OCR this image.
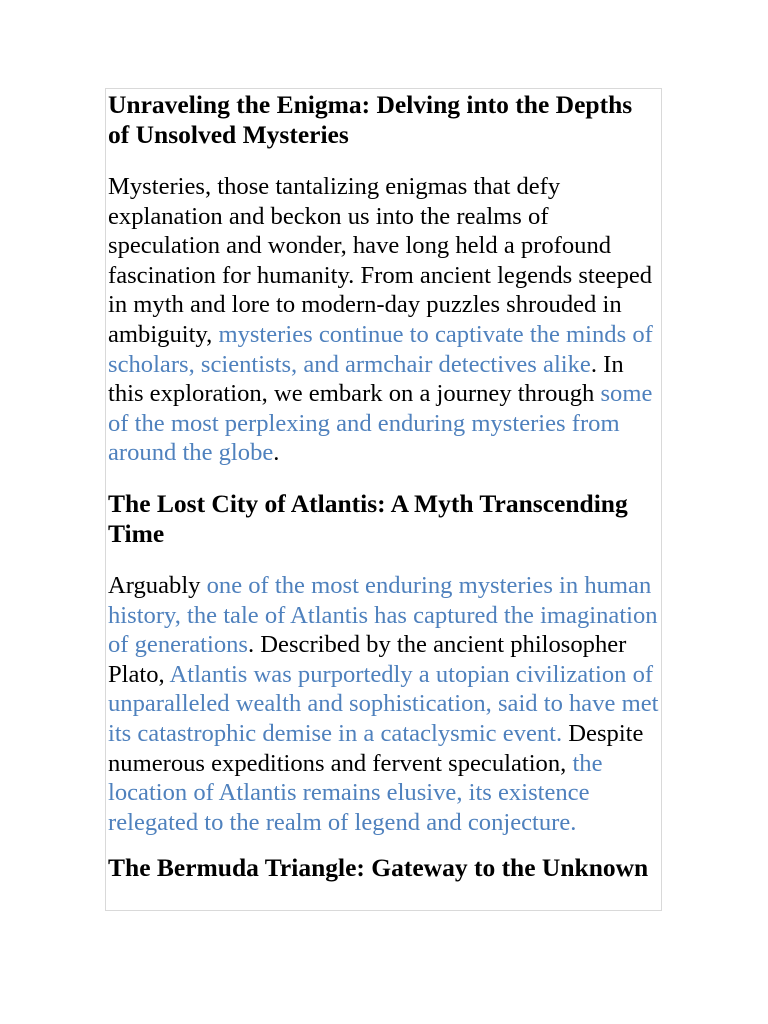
Unraveling the Enigma: Delving into the Depths of Unsolved Mysteries

Mysteries, those tantalizing enigmas that defy explanation and beckon us into the realms of speculation and wonder, have long held a profound fascination for humanity. From ancient legends steeped in myth and lore to modern-day puzzles shrouded in ambiguity, mysteries continue to captivate the minds of scholars, scientists, and armchair detectives alike. In this exploration, we embark on a journey through some of the most perplexing and enduring mysteries from around the globe.

The Lost City of Atlantis: A Myth Transcending Time

Arguably one of the most enduring mysteries in human history, the tale of Atlantis has captured the imagination of generations. Described by the ancient philosopher Plato, Atlantis was purportedly a utopian civilization of unparalleled wealth and sophistication, said to have met its catastrophic demise in a cataclysmic event. Despite numerous expeditions and fervent speculation, the location of Atlantis remains elusive, its existence relegated to the realm of legend and conjecture.

The Bermuda Triangle: Gateway to the Unknown
